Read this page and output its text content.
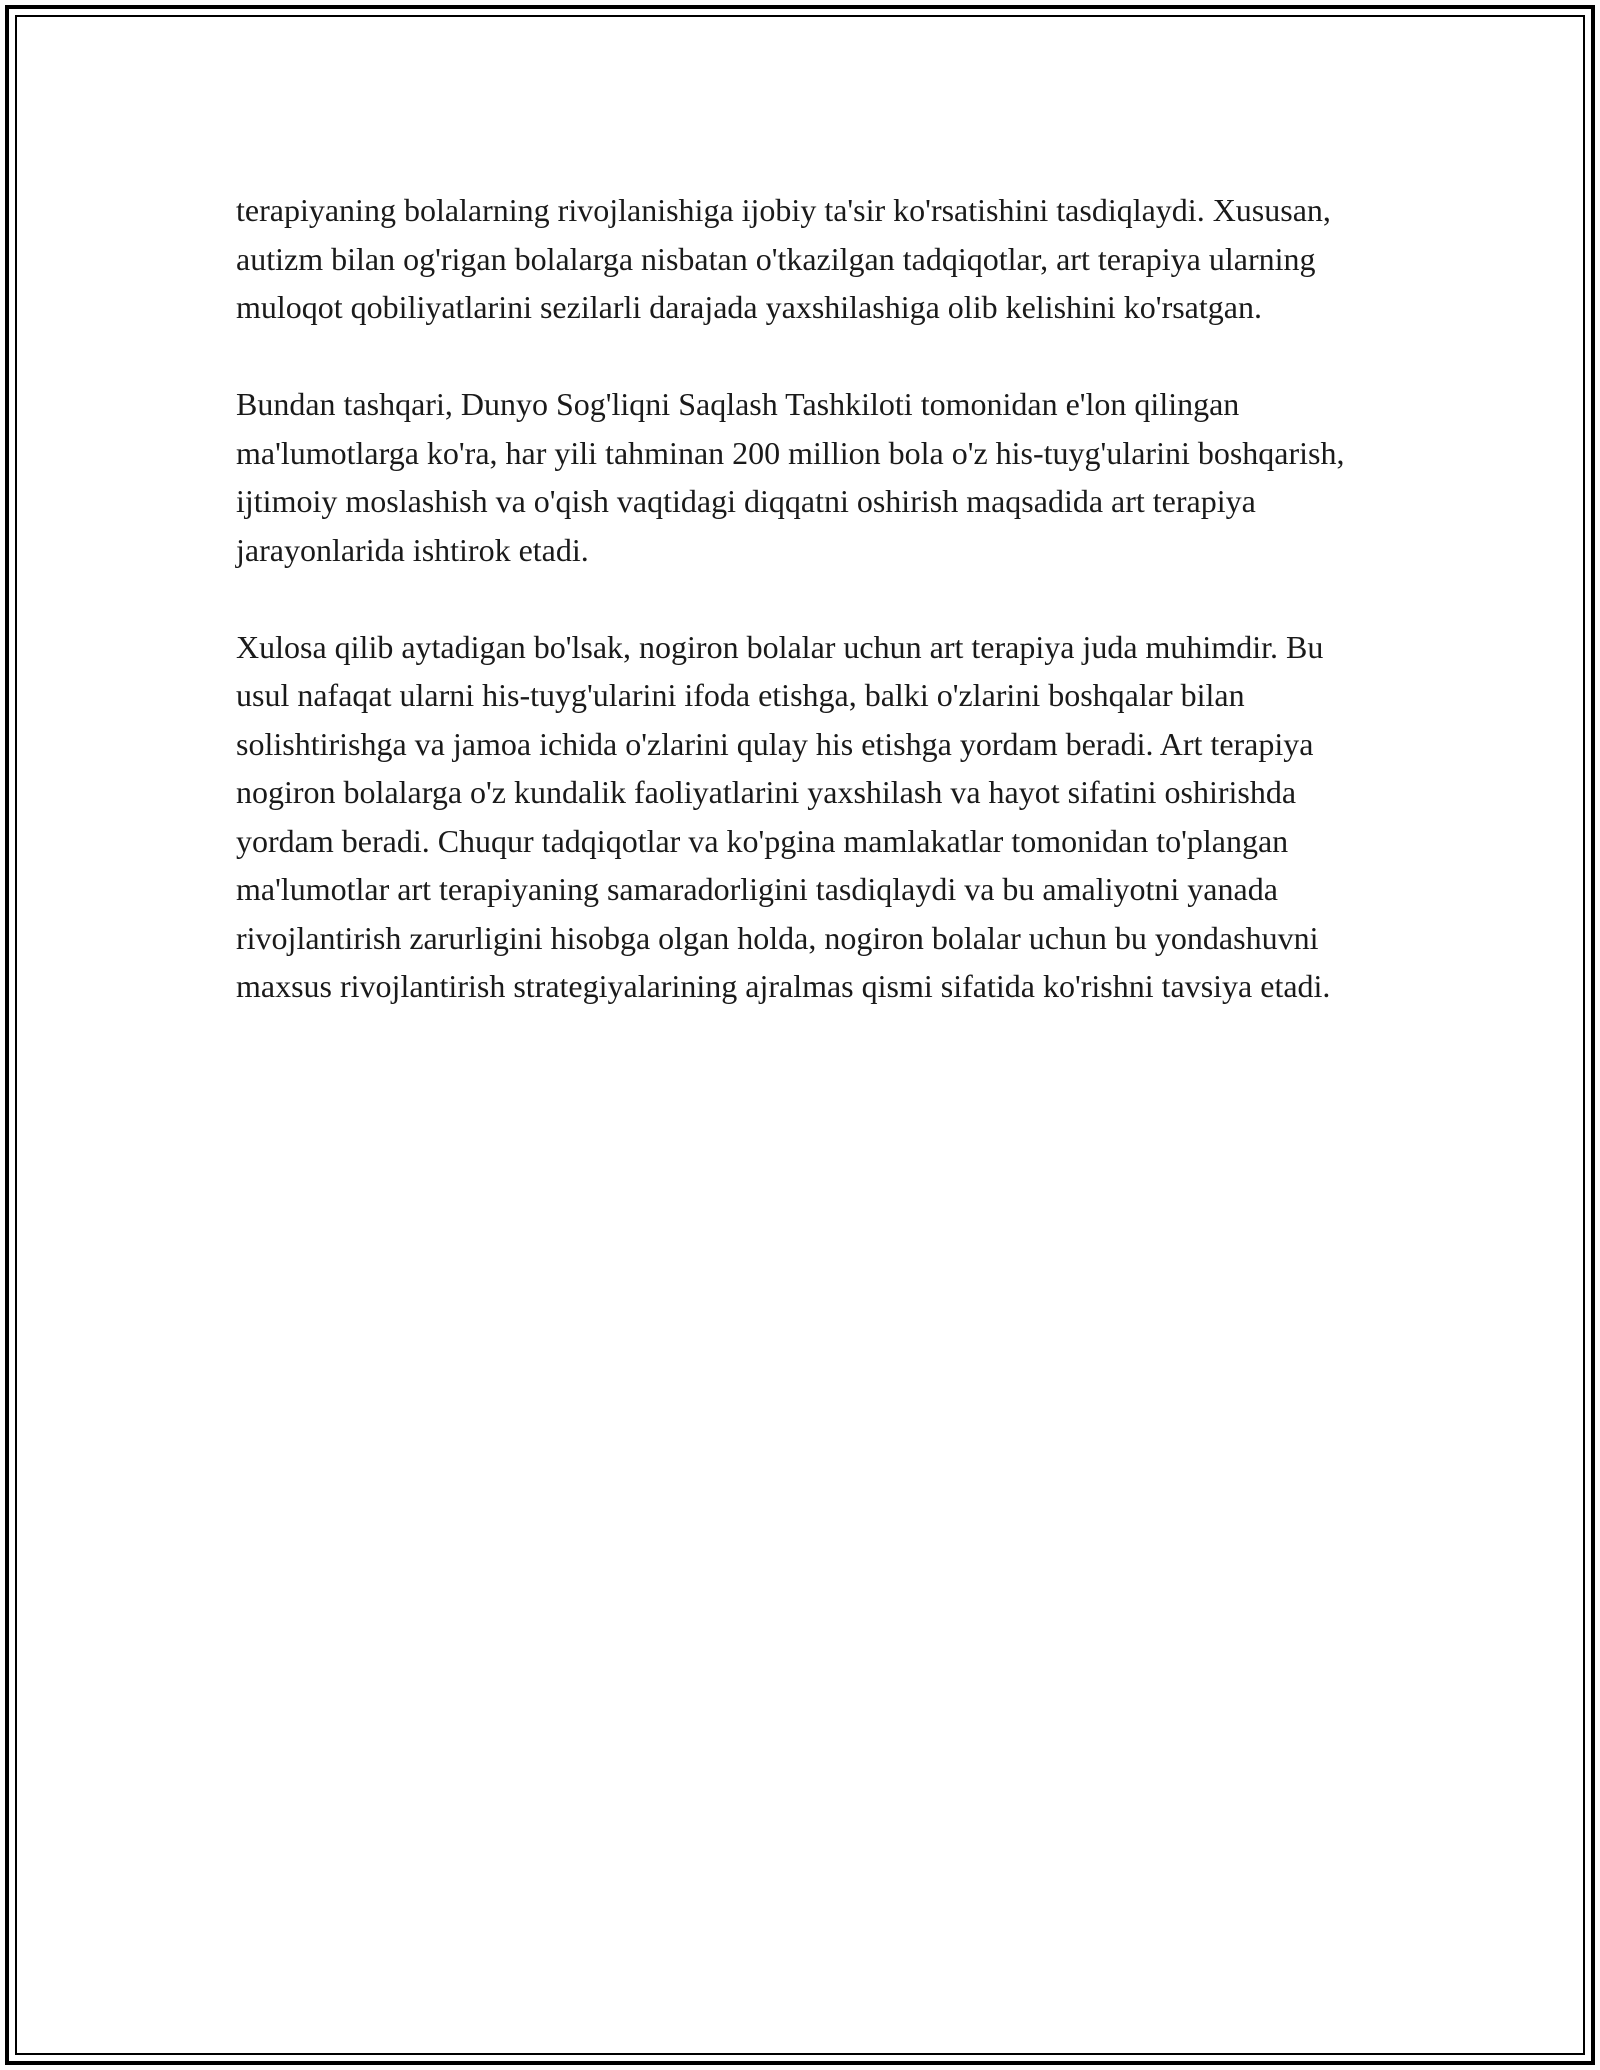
terapiyaning bolalarning rivojlanishiga ijobiy ta'sir ko'rsatishini tasdiqlaydi. Xususan, autizm bilan og'rigan bolalarga nisbatan o'tkazilgan tadqiqotlar, art terapiya ularning muloqot qobiliyatlarini sezilarli darajada yaxshilashiga olib kelishini ko'rsatgan.

Bundan tashqari, Dunyo Sog'liqni Saqlash Tashkiloti tomonidan e'lon qilingan ma'lumotlarga ko'ra, har yili tahminan 200 million bola o'z his-tuyg'ularini boshqarish, ijtimoiy moslashish va o'qish vaqtidagi diqqatni oshirish maqsadida art terapiya jarayonlarida ishtirok etadi.

Xulosa qilib aytadigan bo'lsak, nogiron bolalar uchun art terapiya juda muhimdir. Bu usul nafaqat ularni his-tuyg'ularini ifoda etishga, balki o'zlarini boshqalar bilan solishtirishga va jamoa ichida o'zlarini qulay his etishga yordam beradi. Art terapiya nogiron bolalarga o'z kundalik faoliyatlarini yaxshilash va hayot sifatini oshirishda yordam beradi. Chuqur tadqiqotlar va ko'pgina mamlakatlar tomonidan to'plangan ma'lumotlar art terapiyaning samaradorligini tasdiqlaydi va bu amaliyotni yanada rivojlantirish zarurligini hisobga olgan holda, nogiron bolalar uchun bu yondashuvni maxsus rivojlantirish strategiyalarining ajralmas qismi sifatida ko'rishni tavsiya etadi.
